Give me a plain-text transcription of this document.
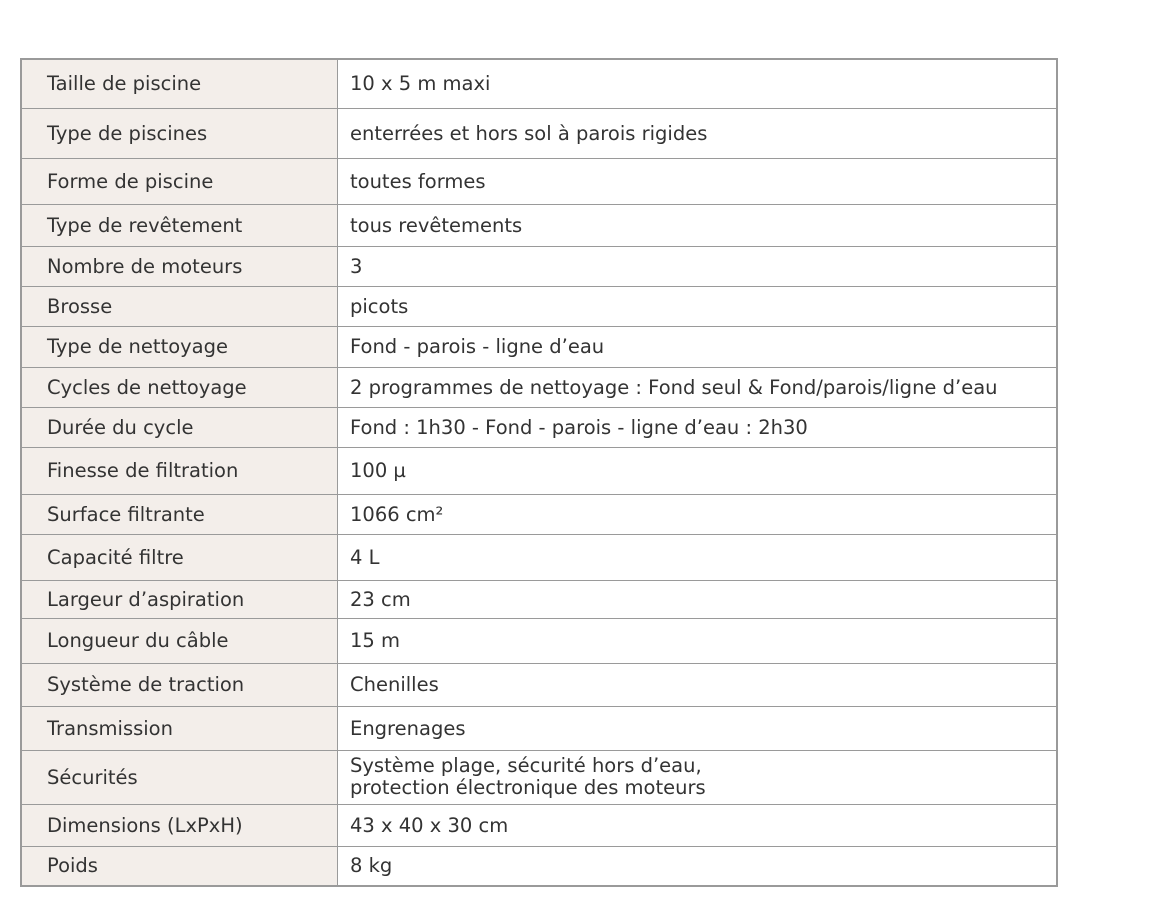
Taille de piscine	10 x 5 m maxi
Type de piscines	enterrées et hors sol à parois rigides
Forme de piscine	toutes formes
Type de revêtement	tous revêtements
Nombre de moteurs	3
Brosse	picots
Type de nettoyage	Fond - parois - ligne d’eau
Cycles de nettoyage	2 programmes de nettoyage : Fond seul & Fond/parois/ligne d’eau
Durée du cycle	Fond : 1h30 - Fond - parois - ligne d’eau : 2h30
Finesse de filtration	100 µ
Surface filtrante	1066 cm²
Capacité filtre	4 L
Largeur d’aspiration	23 cm
Longueur du câble	15 m
Système de traction	Chenilles
Transmission	Engrenages
Sécurités	Système plage, sécurité hors d’eau,
protection électronique des moteurs

Dimensions (LxPxH)	43 x 40 x 30 cm
Poids	8 kg
